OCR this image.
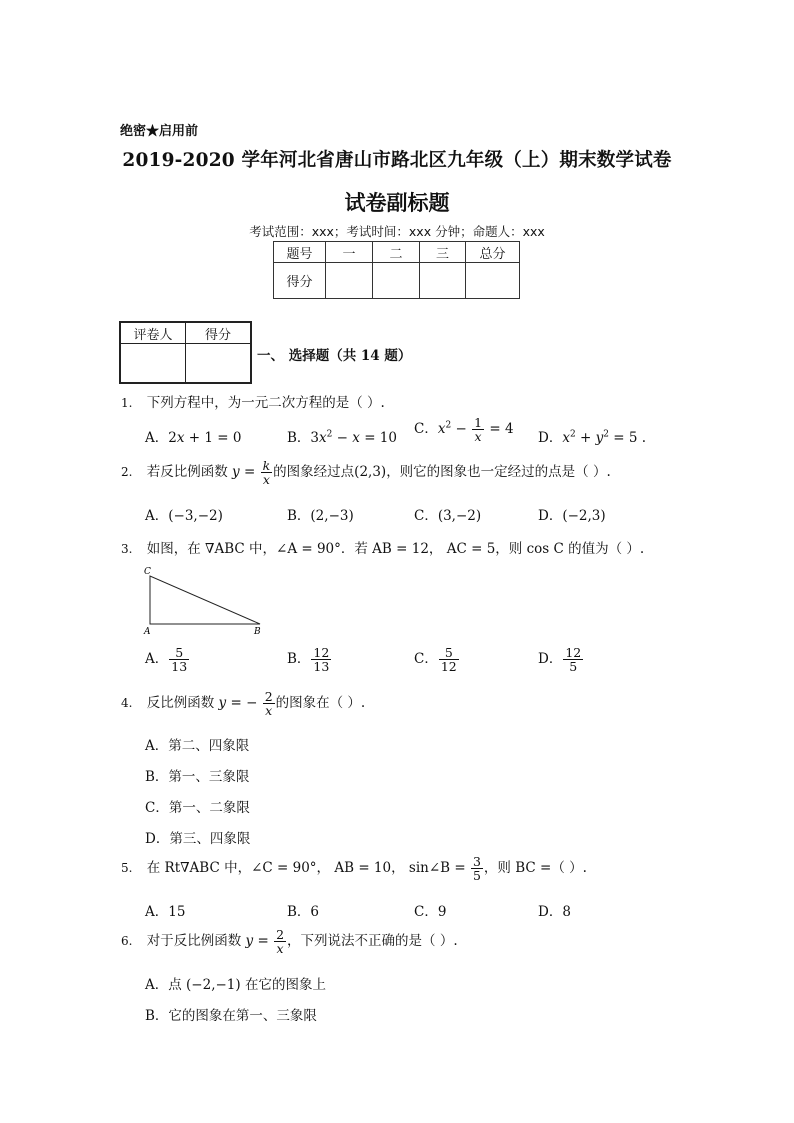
绝密★启用前
2019-2020 学年河北省唐山市路北区九年级（上）期末数学试卷
试卷副标题
考试范围：xxx；考试时间：xxx 分钟；命题人：xxx
题号	一	二	三	总分
得分				
评卷人	得分

一、 选择题（共 14 题）
1. 下列方程中，为一元二次方程的是（ ）.
A．2x + 1 = 0	B．$3x^2 - x = 10$
C．$x^2 - \frac{1}{x} = 4$
D．$x^2 + y^2 = 5$ .
2. 若反比例函数 $y = \frac{k}{x}$ 的图象经过点(2,3)，则它的图象也一定经过的点是（ ）.
A．(−3,−2)	B．(2,−3)	C．(3,−2)	D．(−2,3)
3. 如图，在 ∇ABC 中，∠A = 90°．若 AB = 12， AC = 5，则 cos C 的值为（ ）.
C
A	B
A． $\frac{5}{13}$	B． $\frac{12}{13}$	C． $\frac{5}{12}$	D． $\frac{12}{5}$
4. 反比例函数 y = − $\frac{2}{x}$ 的图象在（ ）.
A．第二、四象限
B．第一、三象限
C．第一、二象限
D．第三、四象限
5. 在 Rt∇ABC 中，∠C = 90°， AB = 10， sin∠B = $\frac{3}{5}$ ，则 BC =（ ）.
A．15	B．6	C．9	D．8
6. 对于反比例函数 $y = \frac{2}{x}$ ，下列说法不正确的是（ ）.
A．点 (−2,−1) 在它的图象上
B．它的图象在第一、三象限
